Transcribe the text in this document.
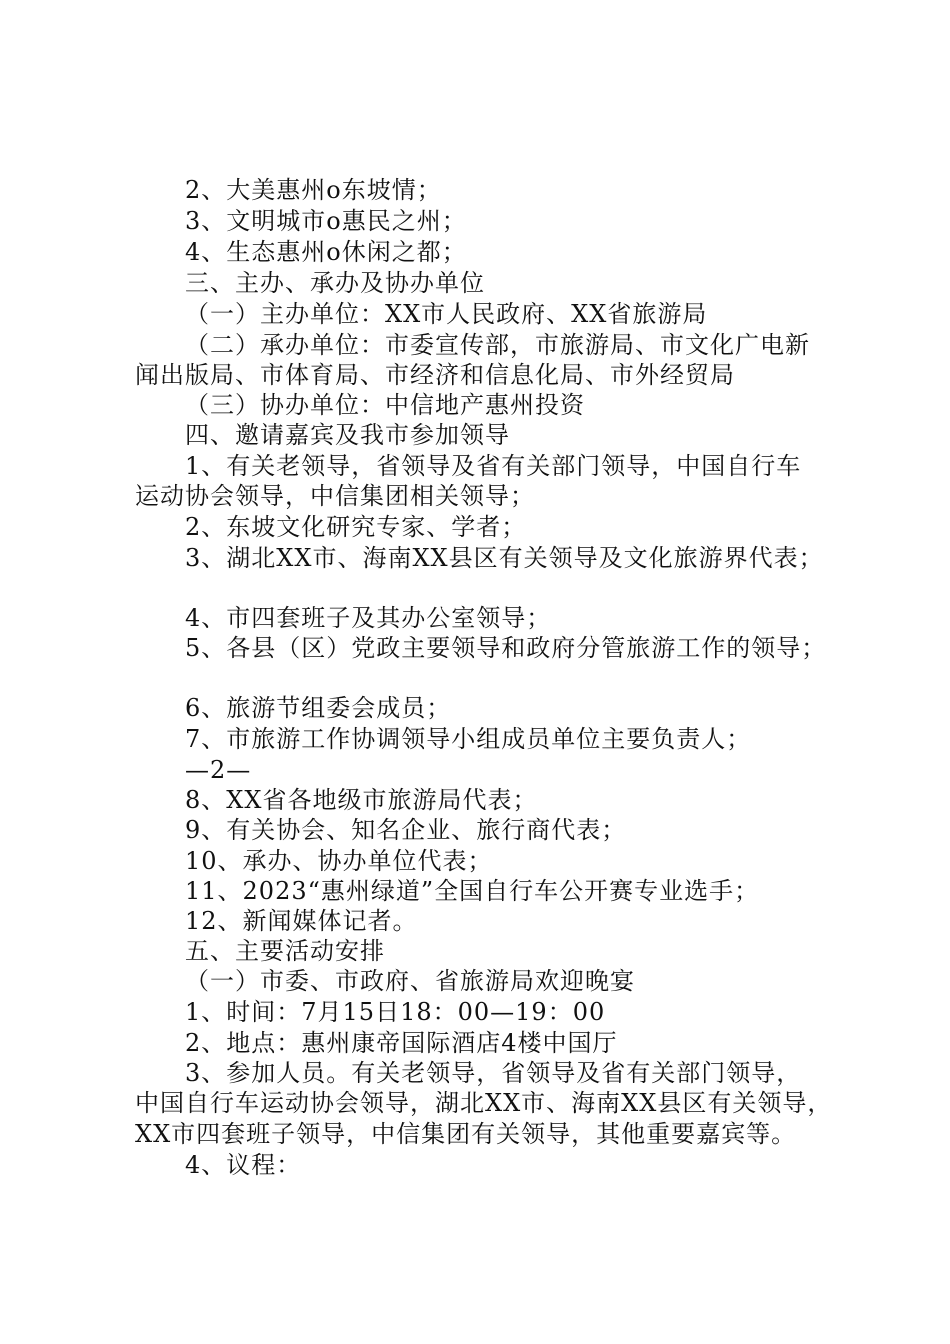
2、大美惠州o东坡情；
3、文明城市o惠民之州；
4、生态惠州o休闲之都；
三、主办、承办及协办单位
（一）主办单位：XX市人民政府、XX省旅游局
（二）承办单位：市委宣传部，市旅游局、市文化广电新
闻出版局、市体育局、市经济和信息化局、市外经贸局
（三）协办单位：中信地产惠州投资
四、邀请嘉宾及我市参加领导
1、有关老领导，省领导及省有关部门领导，中国自行车
运动协会领导，中信集团相关领导；
2、东坡文化研究专家、学者；
3、湖北XX市、海南XX县区有关领导及文化旅游界代表；
4、市四套班子及其办公室领导；
5、各县（区）党政主要领导和政府分管旅游工作的领导；
6、旅游节组委会成员；
7、市旅游工作协调领导小组成员单位主要负责人；
—2—
8、XX省各地级市旅游局代表；
9、有关协会、知名企业、旅行商代表；
10、承办、协办单位代表；
11、2023“惠州绿道”全国自行车公开赛专业选手；
12、新闻媒体记者。
五、主要活动安排
（一）市委、市政府、省旅游局欢迎晚宴
1、时间：7月15日18：00—19：00
2、地点：惠州康帝国际酒店4楼中国厅
3、参加人员。有关老领导，省领导及省有关部门领导，
中国自行车运动协会领导，湖北XX市、海南XX县区有关领导，
XX市四套班子领导，中信集团有关领导，其他重要嘉宾等。
4、议程：
